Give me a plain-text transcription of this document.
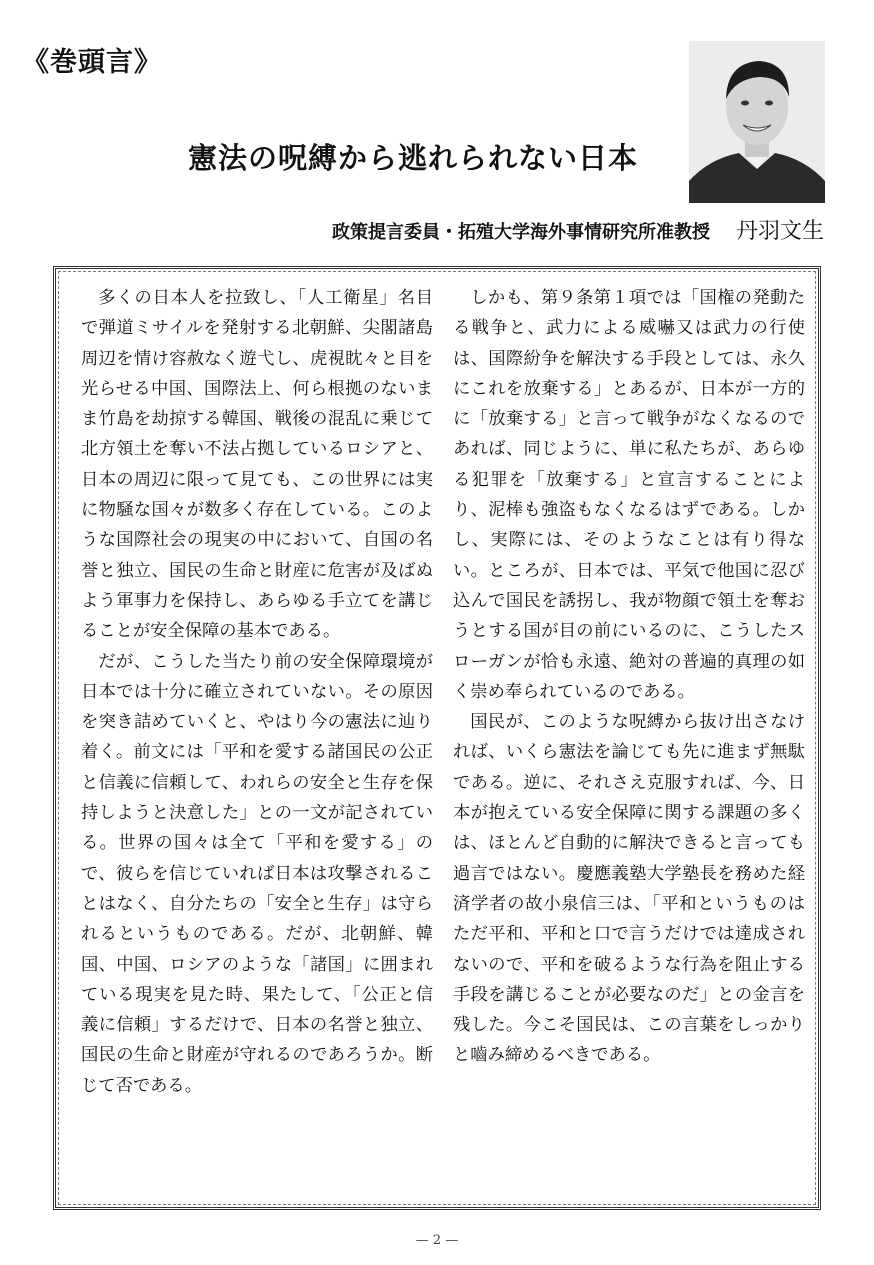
《巻頭言》
憲法の呪縛から逃れられない日本
政策提言委員・拓殖大学海外事情研究所准教授 丹羽文生

多くの日本人を拉致し、「人工衛星」名目で弾道ミサイルを発射する北朝鮮、尖閣諸島周辺を情け容赦なく遊弋し、虎視眈々と目を光らせる中国、国際法上、何ら根拠のないまま竹島を劫掠する韓国、戦後の混乱に乗じて北方領土を奪い不法占拠しているロシアと、日本の周辺に限って見ても、この世界には実に物騒な国々が数多く存在している。このような国際社会の現実の中において、自国の名誉と独立、国民の生命と財産に危害が及ばぬよう軍事力を保持し、あらゆる手立てを講じることが安全保障の基本である。

だが、こうした当たり前の安全保障環境が日本では十分に確立されていない。その原因を突き詰めていくと、やはり今の憲法に辿り着く。前文には「平和を愛する諸国民の公正と信義に信頼して、われらの安全と生存を保持しようと決意した」との一文が記されている。世界の国々は全て「平和を愛する」ので、彼らを信じていれば日本は攻撃されることはなく、自分たちの「安全と生存」は守られるというものである。だが、北朝鮮、韓国、中国、ロシアのような「諸国」に囲まれている現実を見た時、果たして、「公正と信義に信頼」するだけで、日本の名誉と独立、国民の生命と財産が守れるのであろうか。断じて否である。

しかも、第９条第１項では「国権の発動たる戦争と、武力による威嚇又は武力の行使は、国際紛争を解決する手段としては、永久にこれを放棄する」とあるが、日本が一方的に「放棄する」と言って戦争がなくなるのであれば、同じように、単に私たちが、あらゆる犯罪を「放棄する」と宣言することにより、泥棒も強盗もなくなるはずである。しかし、実際には、そのようなことは有り得ない。ところが、日本では、平気で他国に忍び込んで国民を誘拐し、我が物顔で領土を奪おうとする国が目の前にいるのに、こうしたスローガンが恰も永遠、絶対の普遍的真理の如く崇め奉られているのである。

国民が、このような呪縛から抜け出さなければ、いくら憲法を論じても先に進まず無駄である。逆に、それさえ克服すれば、今、日本が抱えている安全保障に関する課題の多くは、ほとんど自動的に解決できると言っても過言ではない。慶應義塾大学塾長を務めた経済学者の故小泉信三は、「平和というものはただ平和、平和と口で言うだけでは達成されないので、平和を破るような行為を阻止する手段を講じることが必要なのだ」との金言を残した。今こそ国民は、この言葉をしっかりと嚙み締めるべきである。

— 2 —
